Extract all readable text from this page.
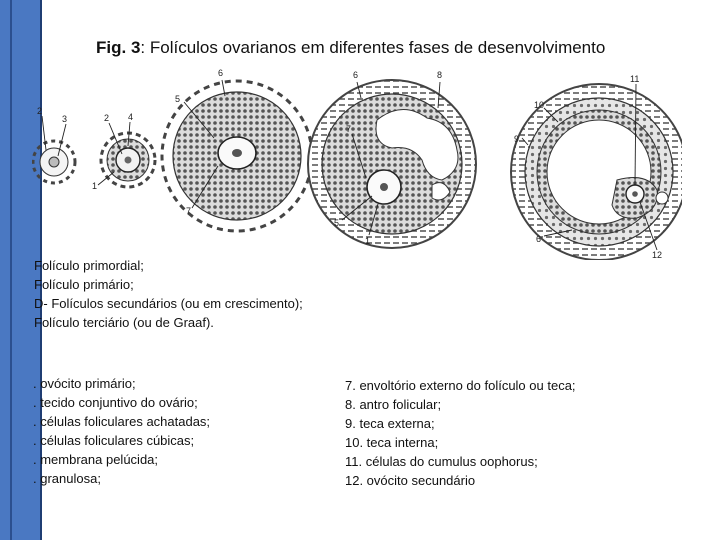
Fig. 3: Folículos ovarianos em diferentes fases de desenvolvimento
2
3	2 4
1
6
5
7
6
7
8
5
1
10
9
11
6
12
Folículo primordial;
Folículo primário;
D- Folículos secundários (ou em crescimento);
Folículo terciário (ou de Graaf).
. ovócito primário;
. tecido conjuntivo do ovário;
. células foliculares achatadas;
. células foliculares cúbicas;
. membrana pelúcida;
. granulosa;
7. envoltório externo do folículo ou teca;
8. antro folicular;
9. teca externa;
10. teca interna;
11. células do cumulus oophorus;
12. ovócito secundário
